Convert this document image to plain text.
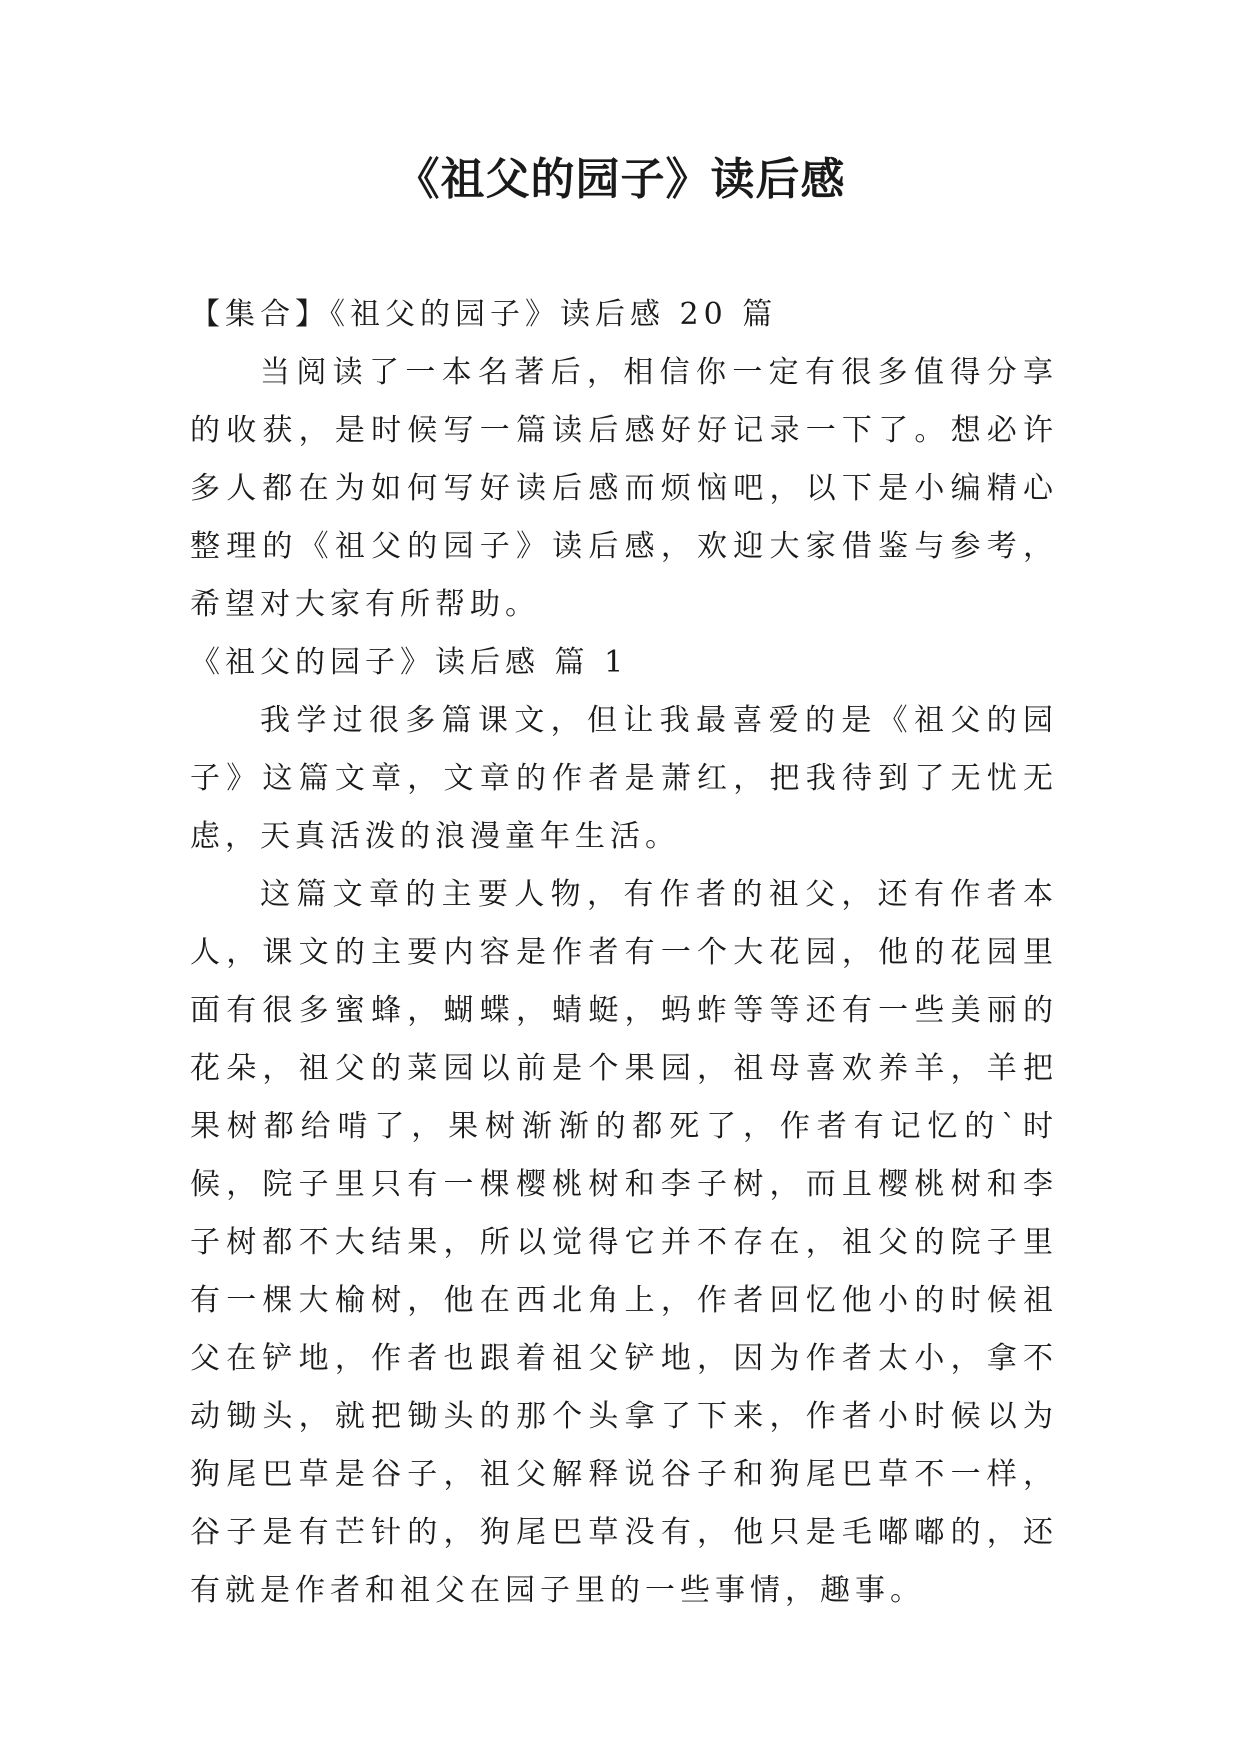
《祖父的园子》读后感

【集合】《祖父的园子》读后感 20 篇

当阅读了一本名著后，相信你一定有很多值得分享的收获，是时候写一篇读后感好好记录一下了。想必许多人都在为如何写好读后感而烦恼吧，以下是小编精心整理的《祖父的园子》读后感，欢迎大家借鉴与参考，希望对大家有所帮助。

《祖父的园子》读后感 篇 1

我学过很多篇课文，但让我最喜爱的是《祖父的园子》这篇文章，文章的作者是萧红，把我待到了无忧无虑，天真活泼的浪漫童年生活。

这篇文章的主要人物，有作者的祖父，还有作者本人，课文的主要内容是作者有一个大花园，他的花园里面有很多蜜蜂，蝴蝶，蜻蜓，蚂蚱等等还有一些美丽的花朵，祖父的菜园以前是个果园，祖母喜欢养羊，羊把果树都给啃了，果树渐渐的都死了，作者有记忆的`时候，院子里只有一棵樱桃树和李子树，而且樱桃树和李子树都不大结果，所以觉得它并不存在，祖父的院子里有一棵大榆树，他在西北角上，作者回忆他小的时候祖父在铲地，作者也跟着祖父铲地，因为作者太小，拿不动锄头，就把锄头的那个头拿了下来，作者小时候以为狗尾巴草是谷子，祖父解释说谷子和狗尾巴草不一样，谷子是有芒针的，狗尾巴草没有，他只是毛嘟嘟的，还有就是作者和祖父在园子里的一些事情，趣事。
